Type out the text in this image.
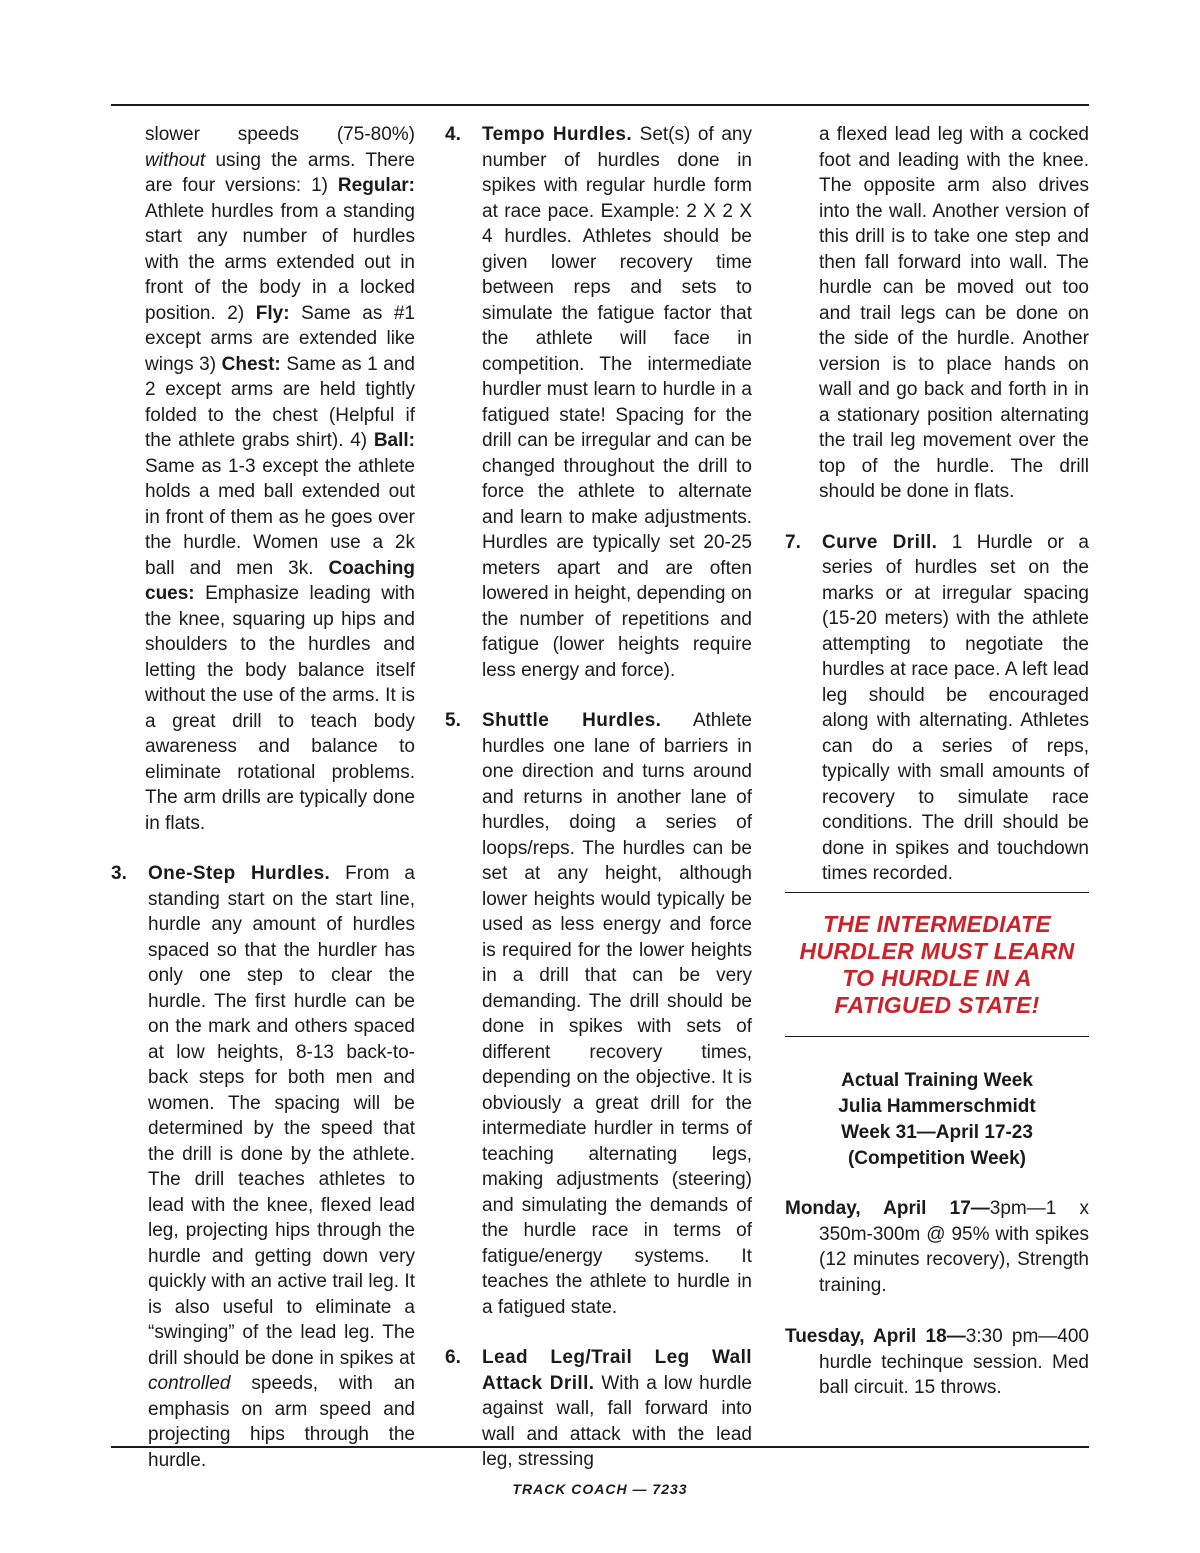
slower speeds (75-80%) without using the arms. There are four versions: 1) Regular: Athlete hurdles from a standing start any number of hurdles with the arms extended out in front of the body in a locked position. 2) Fly: Same as #1 except arms are extended like wings 3) Chest: Same as 1 and 2 except arms are held tightly folded to the chest (Helpful if the athlete grabs shirt). 4) Ball: Same as 1-3 except the athlete holds a med ball extended out in front of them as he goes over the hurdle. Women use a 2k ball and men 3k. Coaching cues: Emphasize leading with the knee, squaring up hips and shoulders to the hurdles and letting the body balance itself without the use of the arms. It is a great drill to teach body awareness and balance to eliminate rotational problems. The arm drills are typically done in flats.

3. One-Step Hurdles. From a standing start on the start line, hurdle any amount of hurdles spaced so that the hurdler has only one step to clear the hurdle. The first hurdle can be on the mark and others spaced at low heights, 8-13 back-to-back steps for both men and women. The spacing will be determined by the speed that the drill is done by the athlete. The drill teaches athletes to lead with the knee, flexed lead leg, projecting hips through the hurdle and getting down very quickly with an active trail leg. It is also useful to eliminate a “swinging” of the lead leg. The drill should be done in spikes at controlled speeds, with an emphasis on arm speed and projecting hips through the hurdle.

4. Tempo Hurdles. Set(s) of any number of hurdles done in spikes with regular hurdle form at race pace. Example: 2 X 2 X 4 hurdles. Athletes should be given lower recovery time between reps and sets to simulate the fatigue factor that the athlete will face in competition. The intermediate hurdler must learn to hurdle in a fatigued state! Spacing for the drill can be irregular and can be changed throughout the drill to force the athlete to alternate and learn to make adjustments. Hurdles are typically set 20-25 meters apart and are often lowered in height, depending on the number of repetitions and fatigue (lower heights require less energy and force).

5. Shuttle Hurdles. Athlete hurdles one lane of barriers in one direction and turns around and returns in another lane of hurdles, doing a series of loops/reps. The hurdles can be set at any height, although lower heights would typically be used as less energy and force is required for the lower heights in a drill that can be very demanding. The drill should be done in spikes with sets of different recovery times, depending on the objective. It is obviously a great drill for the intermediate hurdler in terms of teaching alternating legs, making adjustments (steering) and simulating the demands of the hurdle race in terms of fatigue/energy systems. It teaches the athlete to hurdle in a fatigued state.

6. Lead Leg/Trail Leg Wall Attack Drill. With a low hurdle against wall, fall forward into wall and attack with the lead leg, stressing

a flexed lead leg with a cocked foot and leading with the knee. The opposite arm also drives into the wall. Another version of this drill is to take one step and then fall forward into wall. The hurdle can be moved out too and trail legs can be done on the side of the hurdle. Another version is to place hands on wall and go back and forth in in a stationary position alternating the trail leg movement over the top of the hurdle. The drill should be done in flats.

7. Curve Drill. 1 Hurdle or a series of hurdles set on the marks or at irregular spacing (15-20 meters) with the athlete attempting to negotiate the hurdles at race pace. A left lead leg should be encouraged along with alternating. Athletes can do a series of reps, typically with small amounts of recovery to simulate race conditions. The drill should be done in spikes and touchdown times recorded.

THE INTERMEDIATE
HURDLER MUST LEARN
TO HURDLE IN A
FATIGUED STATE!
Actual Training Week
Julia Hammerschmidt
Week 31—April 17-23
(Competition Week)
Monday, April 17—3pm—1 x 350m-300m @ 95% with spikes (12 minutes recovery), Strength training.
Tuesday, April 18—3:30 pm—400 hurdle techinque session. Med ball circuit. 15 throws.
TRACK COACH — 7233
